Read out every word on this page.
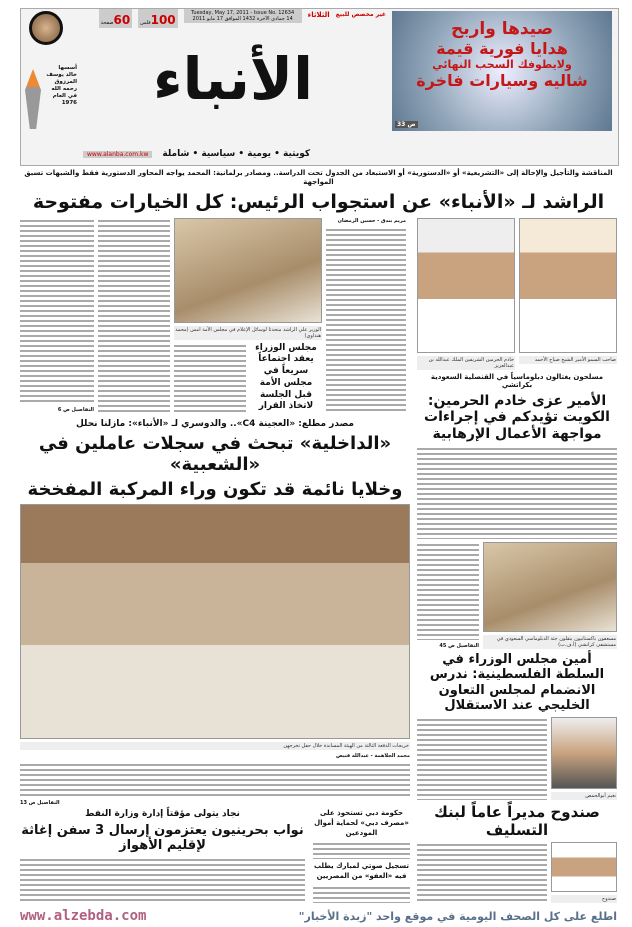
صيدها واربح
هدايا فورية قيمة
ولايطوفك السحب النهائي
شاليه وسيارات فاخرة
ص 33
غير مخصص للبيع
الثلاثاء
Tuesday, May 17, 2011 - Issue No. 12634
14 جمادى الآخرة 1432 الموافق 17 مايو 2011
100فلس
60صفحة
أسسها
خالد يوسف
المرزوق
رحمه الله
في العام
1976	الأنباء
www.alanba.com.kw	كويتية • يومية • سياسية • شاملة
المناقشة والتأجيل والإحالة إلى «التشريعية» أو «الدستورية» أو الاستبعاد من الجدول تحت الدراسة.. ومصادر برلمانية: المحمد يواجه المحاور الدستورية فقط والشبهات تسبق المواجهة
الراشد لـ «الأنباء» عن استجواب الرئيس: كل الخيارات مفتوحة
التفاصيل ص 6
الوزير علي الراشد متحدثا لوسائل الإعلام في مجلس الأمة امس (محمد هنداوي)
مجلس الوزراء يعقد اجتماعاً سريعاً في مجلس الأمة قبل الجلسة لاتخاذ القرار
مريم بندق - حسين الرمضان
مصدر مطلع: «العجينة C4».. والدوسري لـ «الأنباء»: مازلنا نحلل
«الداخلية» تبحث في سجلات عاملين في «الشعبية»
وخلايا نائمة قد تكون وراء المركبة المفخخة
خريجات الدفعة الثالثة من الهيئة المساندة خلال حفل تخرجهن
محمد الجلاهمة - عبدالله قنيص
التفاصيل ص 13
نجاد يتولى مؤقتاً إدارة وزارة النفط
نواب بحرينيون يعتزمون إرسال 3 سفن إغاثة لإقليم الأهواز
حكومة دبي تستحوذ على «مصرف دبي» لحماية أموال المودعين
تسجيل صوتي لمبارك يطلب فيه «العفو» من المصريين
خادم الحرمين الشريفين الملك عبدالله بن عبدالعزيز
صاحب السمو الأمير الشيخ صباح الأحمد
مسلحون يغتالون دبلوماسياً في القنصلية السعودية بكراتشي
الأمير عزى خادم الحرمين: الكويت تؤيدكم في إجراءات مواجهة الأعمال الإرهابية
التفاصيل ص 45
مسعفون باكستانيون ينقلون جثة الدبلوماسي السعودي في مستشفى كراتشي (أ.ف.ب)
أمين مجلس الوزراء في السلطة الفلسطينية: ندرس الانضمام لمجلس التعاون الخليجي عند الاستقلال
نعيم أبوالحمص
صندوح مديراً عاماً لبنك التسليف
صندوح
اطلع على كل الصحف اليومية في موقع واحد "زبدة الأخبار"
www.alzebda.com
